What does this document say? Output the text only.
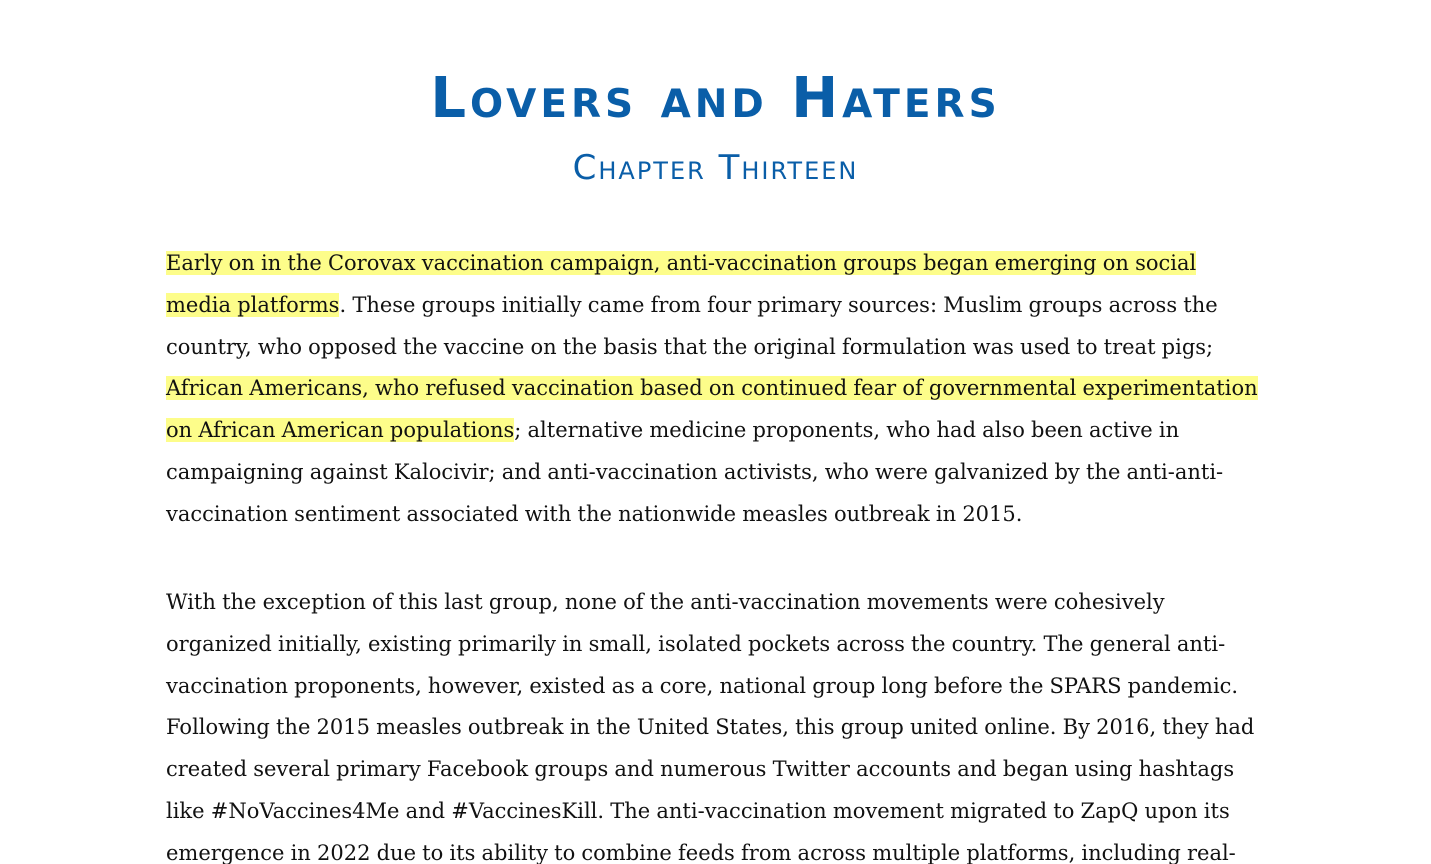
Lovers and Haters
Chapter Thirteen

Early on in the Corovax vaccination campaign, anti-vaccination groups began emerging on social media platforms. These groups initially came from four primary sources: Muslim groups across the country, who opposed the vaccine on the basis that the original formulation was used to treat pigs; African Americans, who refused vaccination based on continued fear of governmental experimentation on African American populations; alternative medicine proponents, who had also been active in campaigning against Kalocivir; and anti-vaccination activists, who were galvanized by the anti-anti-vaccination sentiment associated with the nationwide measles outbreak in 2015.

With the exception of this last group, none of the anti-vaccination movements were cohesively organized initially, existing primarily in small, isolated pockets across the country. The general anti-vaccination proponents, however, existed as a core, national group long before the SPARS pandemic. Following the 2015 measles outbreak in the United States, this group united online. By 2016, they had created several primary Facebook groups and numerous Twitter accounts and began using hashtags like #NoVaccines4Me and #VaccinesKill. The anti-vaccination movement migrated to ZapQ upon its emergence in 2022 due to its ability to combine feeds from across multiple platforms, including real-
